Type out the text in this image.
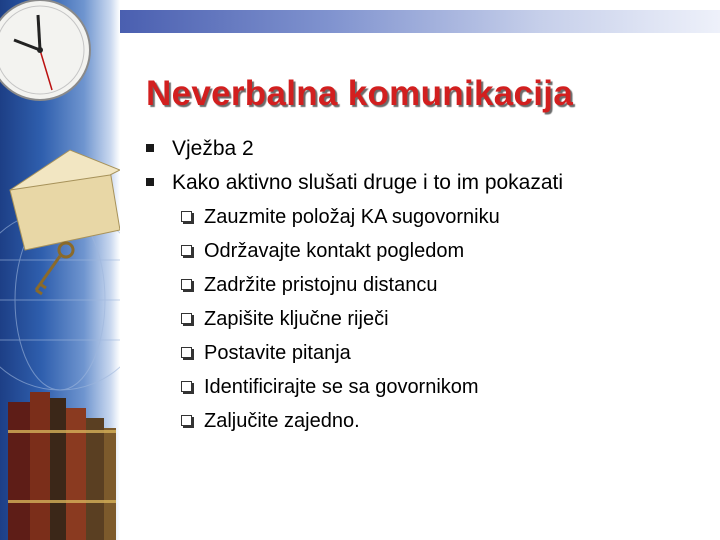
Neverbalna komunikacija
Vježba 2
Kako aktivno slušati druge i to im pokazati
Zauzmite položaj KA sugovorniku
Održavajte kontakt pogledom
Zadržite pristojnu distancu
Zapišite ključne riječi
Postavite pitanja
Identificirajte se sa govornikom
Zaljučite zajedno.
